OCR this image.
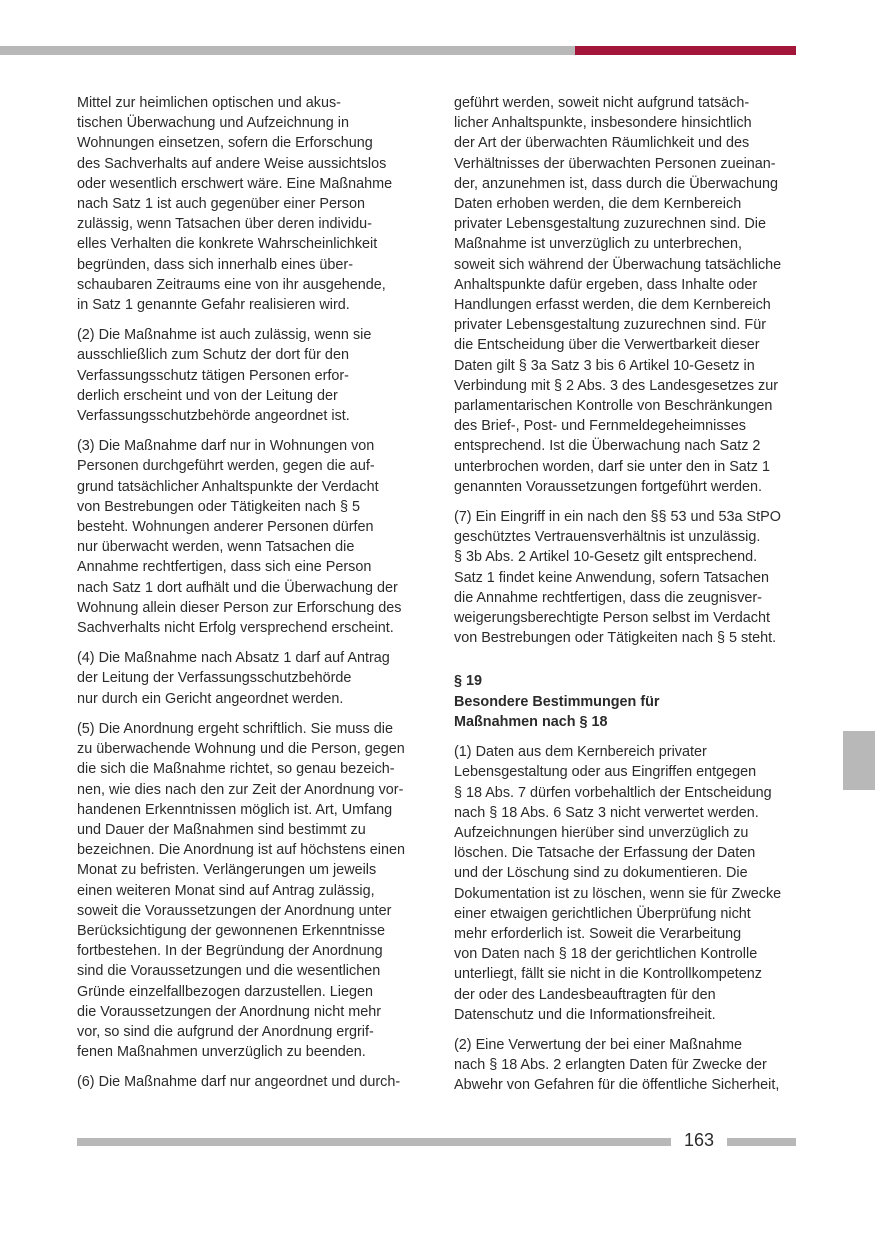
Mittel zur heimlichen optischen und akus-
tischen Überwachung und Aufzeichnung in
Wohnungen einsetzen, sofern die Erforschung
des Sachverhalts auf andere Weise aussichtslos
oder wesentlich erschwert wäre. Eine Maßnahme
nach Satz 1 ist auch gegenüber einer Person
zulässig, wenn Tatsachen über deren individu-
elles Verhalten die konkrete Wahrscheinlichkeit
begründen, dass sich innerhalb eines über-
schaubaren Zeitraums eine von ihr ausgehende,
in Satz 1 genannte Gefahr realisieren wird.

(2) Die Maßnahme ist auch zulässig, wenn sie
ausschließlich zum Schutz der dort für den
Verfassungsschutz tätigen Personen erfor-
derlich erscheint und von der Leitung der
Verfassungsschutzbehörde angeordnet ist.

(3) Die Maßnahme darf nur in Wohnungen von
Personen durchgeführt werden, gegen die auf-
grund tatsächlicher Anhaltspunkte der Verdacht
von Bestrebungen oder Tätigkeiten nach § 5
besteht. Wohnungen anderer Personen dürfen
nur überwacht werden, wenn Tatsachen die
Annahme rechtfertigen, dass sich eine Person
nach Satz 1 dort aufhält und die Überwachung der
Wohnung allein dieser Person zur Erforschung des
Sachverhalts nicht Erfolg versprechend erscheint.

(4) Die Maßnahme nach Absatz 1 darf auf Antrag
der Leitung der Verfassungsschutzbehörde
nur durch ein Gericht angeordnet werden.

(5) Die Anordnung ergeht schriftlich. Sie muss die
zu überwachende Wohnung und die Person, gegen
die sich die Maßnahme richtet, so genau bezeich-
nen, wie dies nach den zur Zeit der Anordnung vor-
handenen Erkenntnissen möglich ist. Art, Umfang
und Dauer der Maßnahmen sind bestimmt zu
bezeichnen. Die Anordnung ist auf höchstens einen
Monat zu befristen. Verlängerungen um jeweils
einen weiteren Monat sind auf Antrag zulässig,
soweit die Voraussetzungen der Anordnung unter
Berücksichtigung der gewonnenen Erkenntnisse
fortbestehen. In der Begründung der Anordnung
sind die Voraussetzungen und die wesentlichen
Gründe einzelfallbezogen darzustellen. Liegen
die Voraussetzungen der Anordnung nicht mehr
vor, so sind die aufgrund der Anordnung ergrif-
fenen Maßnahmen unverzüglich zu beenden.

(6) Die Maßnahme darf nur angeordnet und durch-

geführt werden, soweit nicht aufgrund tatsäch-
licher Anhaltspunkte, insbesondere hinsichtlich
der Art der überwachten Räumlichkeit und des
Verhältnisses der überwachten Personen zueinan-
der, anzunehmen ist, dass durch die Überwachung
Daten erhoben werden, die dem Kernbereich
privater Lebensgestaltung zuzurechnen sind. Die
Maßnahme ist unverzüglich zu unterbrechen,
soweit sich während der Überwachung tatsächliche
Anhaltspunkte dafür ergeben, dass Inhalte oder
Handlungen erfasst werden, die dem Kernbereich
privater Lebensgestaltung zuzurechnen sind. Für
die Entscheidung über die Verwertbarkeit dieser
Daten gilt § 3a Satz 3 bis 6 Artikel 10-Gesetz in
Verbindung mit § 2 Abs. 3 des Landesgesetzes zur
parlamentarischen Kontrolle von Beschränkungen
des Brief-, Post- und Fernmeldegeheimnisses
entsprechend. Ist die Überwachung nach Satz 2
unterbrochen worden, darf sie unter den in Satz 1
genannten Voraussetzungen fortgeführt werden.

(7) Ein Eingriff in ein nach den §§ 53 und 53a StPO
geschütztes Vertrauensverhältnis ist unzulässig.
§ 3b Abs. 2 Artikel 10-Gesetz gilt entsprechend.
Satz 1 findet keine Anwendung, sofern Tatsachen
die Annahme rechtfertigen, dass die zeugnisver-
weigerungsberechtigte Person selbst im Verdacht
von Bestrebungen oder Tätigkeiten nach § 5 steht.

§ 19
Besondere Bestimmungen für
Maßnahmen nach § 18

(1) Daten aus dem Kernbereich privater
Lebensgestaltung oder aus Eingriffen entgegen
§ 18 Abs. 7 dürfen vorbehaltlich der Entscheidung
nach § 18 Abs. 6 Satz 3 nicht verwertet werden.
Aufzeichnungen hierüber sind unverzüglich zu
löschen. Die Tatsache der Erfassung der Daten
und der Löschung sind zu dokumentieren. Die
Dokumentation ist zu löschen, wenn sie für Zwecke
einer etwaigen gerichtlichen Überprüfung nicht
mehr erforderlich ist. Soweit die Verarbeitung
von Daten nach § 18 der gerichtlichen Kontrolle
unterliegt, fällt sie nicht in die Kontrollkompetenz
der oder des Landesbeauftragten für den
Datenschutz und die Informationsfreiheit.

(2) Eine Verwertung der bei einer Maßnahme
nach § 18 Abs. 2 erlangten Daten für Zwecke der
Abwehr von Gefahren für die öffentliche Sicherheit,

163
